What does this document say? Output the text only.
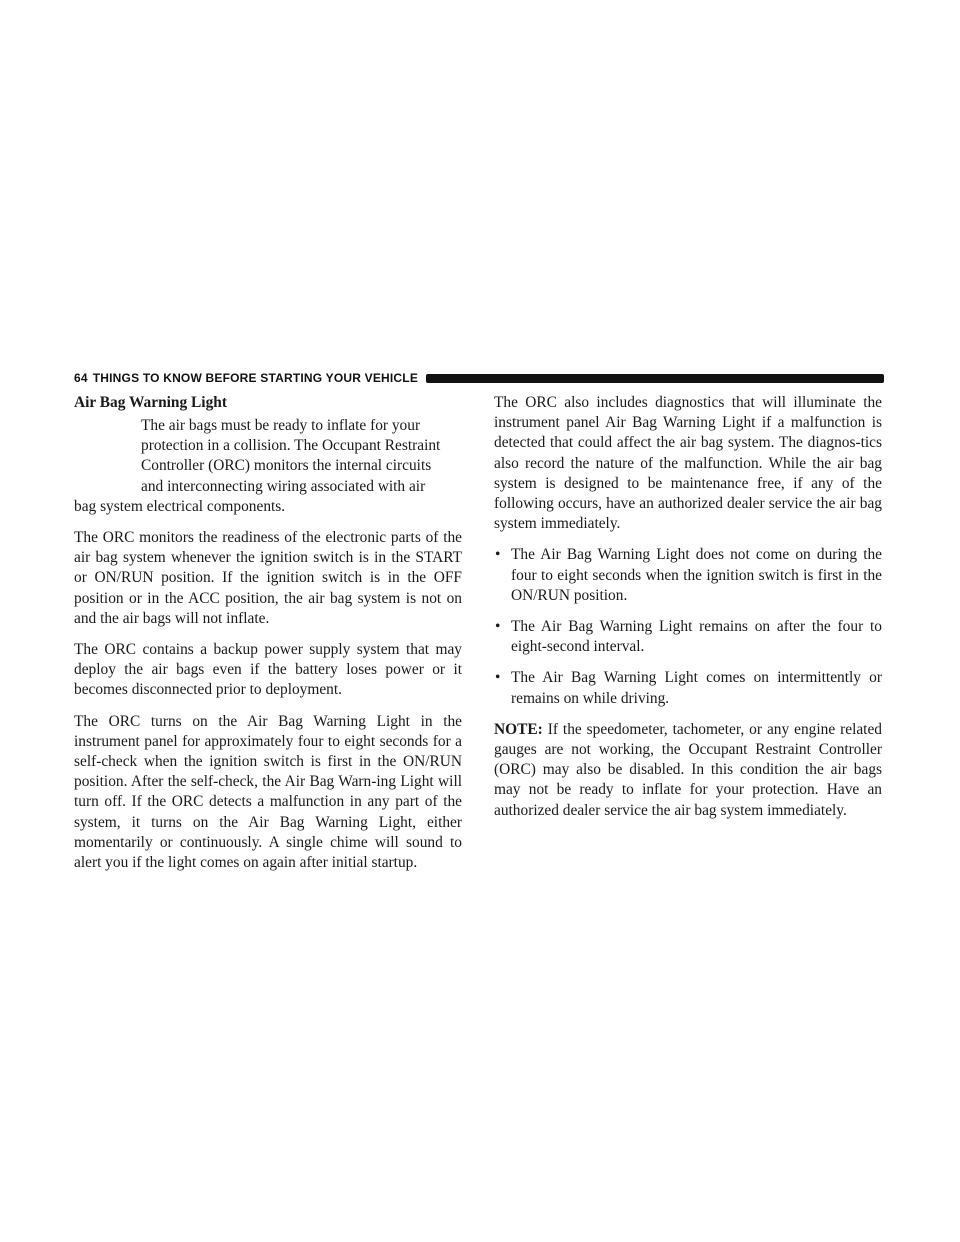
64 THINGS TO KNOW BEFORE STARTING YOUR VEHICLE
Air Bag Warning Light
The air bags must be ready to inflate for your
protection in a collision. The Occupant Restraint
Controller (ORC) monitors the internal circuits
and interconnecting wiring associated with air
bag system electrical components.

The ORC monitors the readiness of the electronic parts of the air bag system whenever the ignition switch is in the START or ON/RUN position. If the ignition switch is in the OFF position or in the ACC position, the air bag system is not on and the air bags will not inflate.

The ORC contains a backup power supply system that may deploy the air bags even if the battery loses power or it becomes disconnected prior to deployment.

The ORC turns on the Air Bag Warning Light in the instrument panel for approximately four to eight seconds for a self-check when the ignition switch is first in the ON/RUN position. After the self-check, the Air Bag Warn-ing Light will turn off. If the ORC detects a malfunction in any part of the system, it turns on the Air Bag Warning Light, either momentarily or continuously. A single chime will sound to alert you if the light comes on again after initial startup.

The ORC also includes diagnostics that will illuminate the instrument panel Air Bag Warning Light if a malfunction is detected that could affect the air bag system. The diagnos-tics also record the nature of the malfunction. While the air bag system is designed to be maintenance free, if any of the following occurs, have an authorized dealer service the air bag system immediately.

• The Air Bag Warning Light does not come on during the four to eight seconds when the ignition switch is first in the ON/RUN position.
• The Air Bag Warning Light remains on after the four to eight-second interval.
• The Air Bag Warning Light comes on intermittently or remains on while driving.

NOTE: If the speedometer, tachometer, or any engine related gauges are not working, the Occupant Restraint Controller (ORC) may also be disabled. In this condition the air bags may not be ready to inflate for your protection. Have an authorized dealer service the air bag system immediately.
